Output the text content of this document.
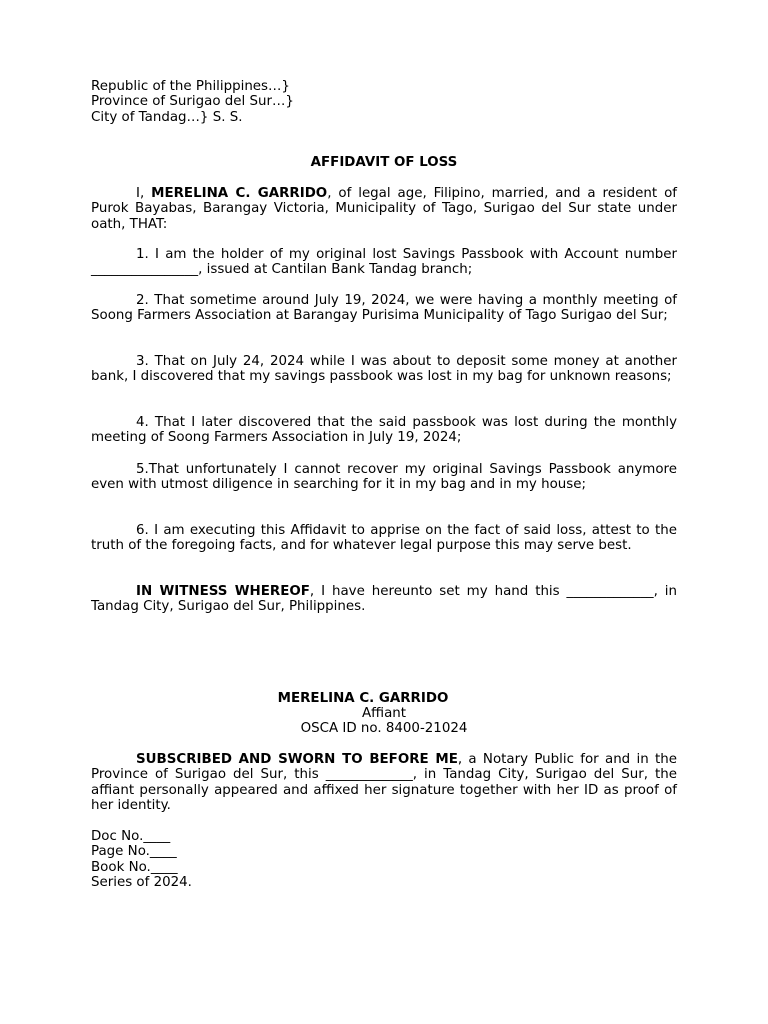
Republic of the Philippines…}
Province of Surigao del Sur…}
City of Tandag…} S. S.
AFFIDAVIT OF LOSS
I, MERELINA C. GARRIDO, of legal age, Filipino, married, and a resident of Purok Bayabas, Barangay Victoria, Municipality of Tago, Surigao del Sur state under oath, THAT:
1. I am the holder of my original lost Savings Passbook with Account number ________________, issued at Cantilan Bank Tandag branch;
2. That sometime around July 19, 2024, we were having a monthly meeting of Soong Farmers Association at Barangay Purisima Municipality of Tago Surigao del Sur;
3. That on July 24, 2024 while I was about to deposit some money at another bank, I discovered that my savings passbook was lost in my bag for unknown reasons;
4. That I later discovered that the said passbook was lost during the monthly meeting of Soong Farmers Association in July 19, 2024;
5.That unfortunately I cannot recover my original Savings Passbook anymore even with utmost diligence in searching for it in my bag and in my house;
6. I am executing this Affidavit to apprise on the fact of said loss, attest to the truth of the foregoing facts, and for whatever legal purpose this may serve best.
IN WITNESS WHEREOF, I have hereunto set my hand this _____________, in Tandag City, Surigao del Sur, Philippines.
MERELINA C. GARRIDO
Affiant
OSCA ID no. 8400-21024
SUBSCRIBED AND SWORN TO BEFORE ME, a Notary Public for and in the Province of Surigao del Sur, this _____________, in Tandag City, Surigao del Sur, the affiant personally appeared and affixed her signature together with her ID as proof of her identity.
Doc No.____
Page No.____
Book No.____
Series of 2024.
